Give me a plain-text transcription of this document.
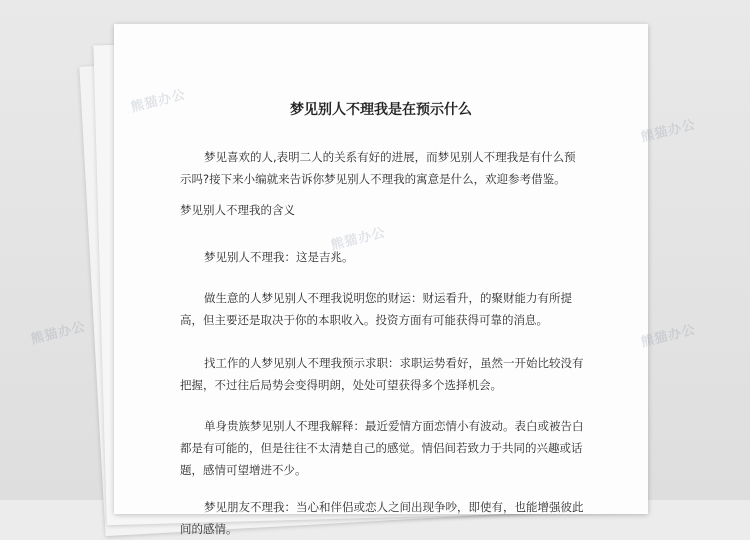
梦见别人不理我是在预示什么

梦见喜欢的人,表明二人的关系有好的进展，而梦见别人不理我是有什么预示吗?接下来小编就来告诉你梦见别人不理我的寓意是什么，欢迎参考借鉴。

梦见别人不理我的含义

梦见别人不理我：这是吉兆。

做生意的人梦见别人不理我说明您的财运：财运看升，的聚财能力有所提高，但主要还是取决于你的本职收入。投资方面有可能获得可靠的消息。

找工作的人梦见别人不理我预示求职：求职运势看好，虽然一开始比较没有把握，不过往后局势会变得明朗，处处可望获得多个选择机会。

单身贵族梦见别人不理我解释：最近爱情方面恋情小有波动。表白或被告白都是有可能的，但是往往不太清楚自己的感觉。情侣间若致力于共同的兴趣或话题，感情可望增进不少。

梦见朋友不理我：当心和伴侣或恋人之间出现争吵，即使有，也能增强彼此间的感情。

熊猫办公
熊猫办公
熊猫办公	熊猫办公
熊猫办公
